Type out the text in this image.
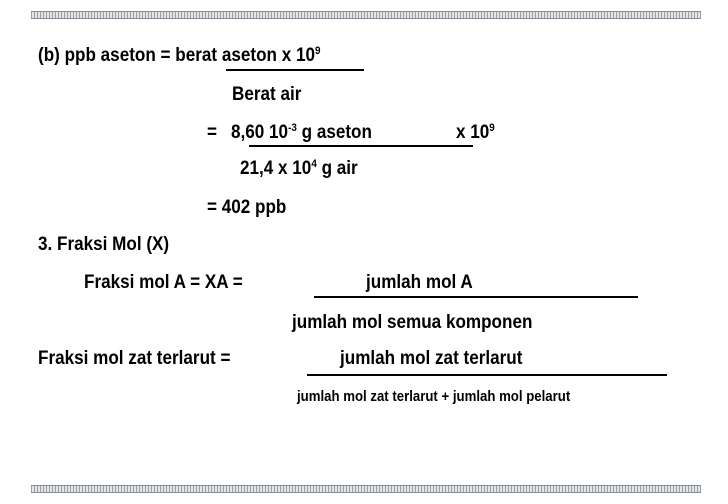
(b) ppb aseton = berat aseton x $10^9$
Berat air
= 8,60 $10^{-3}$ g aseton	x $10^9$
21,4 x $10^4$ g air
= 402 ppb
3. Fraksi Mol (X)
Fraksi mol A = XA =	jumlah mol A
jumlah mol semua komponen
Fraksi mol zat terlarut =	jumlah mol zat terlarut
jumlah mol zat terlarut + jumlah mol pelarut
